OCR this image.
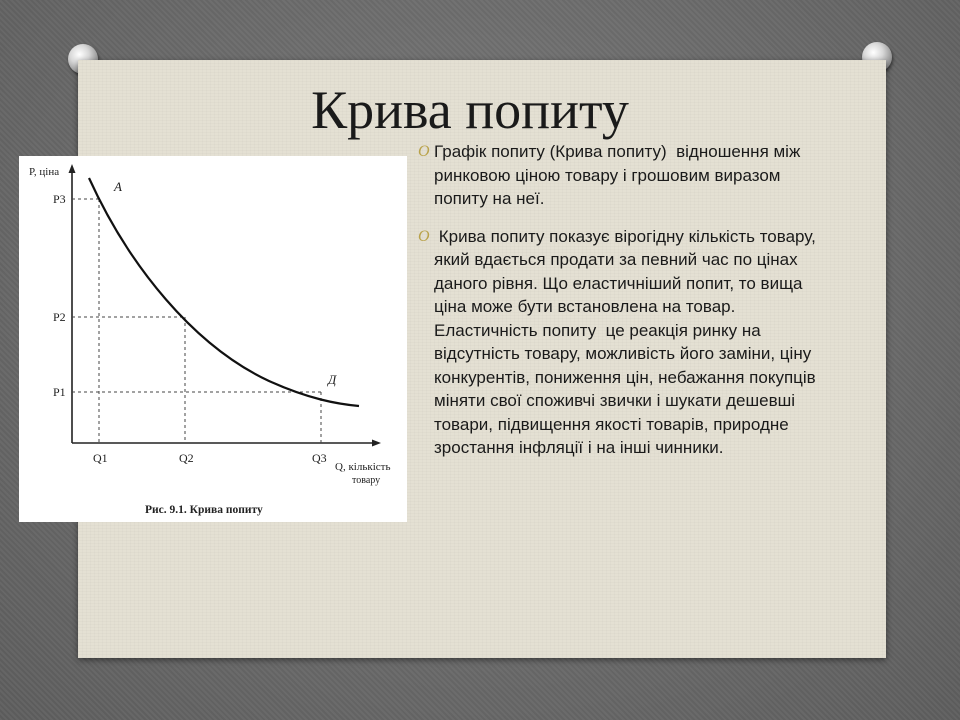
Крива попиту
P, ціна
А
Д
P3
P2
P1
Q1	Q2	Q3
Q, кількість
товару
Рис. 9.1. Крива попиту
O Графік попиту (Крива попиту)  відношення між
ринковою ціною товару і грошовим виразом
попиту на неї.
O Крива попиту показує вірогідну кількість товару,
який вдається продати за певний час по цінах
даного рівня. Що еластичніший попит, то вища
ціна може бути встановлена на товар.
Еластичність попиту  це реакція ринку на
відсутність товару, можливість його заміни, ціну
конкурентів, пониження цін, небажання покупців
міняти свої споживчі звички і шукати дешевші
товари, підвищення якості товарів, природне
зростання інфляції і на інші чинники.
